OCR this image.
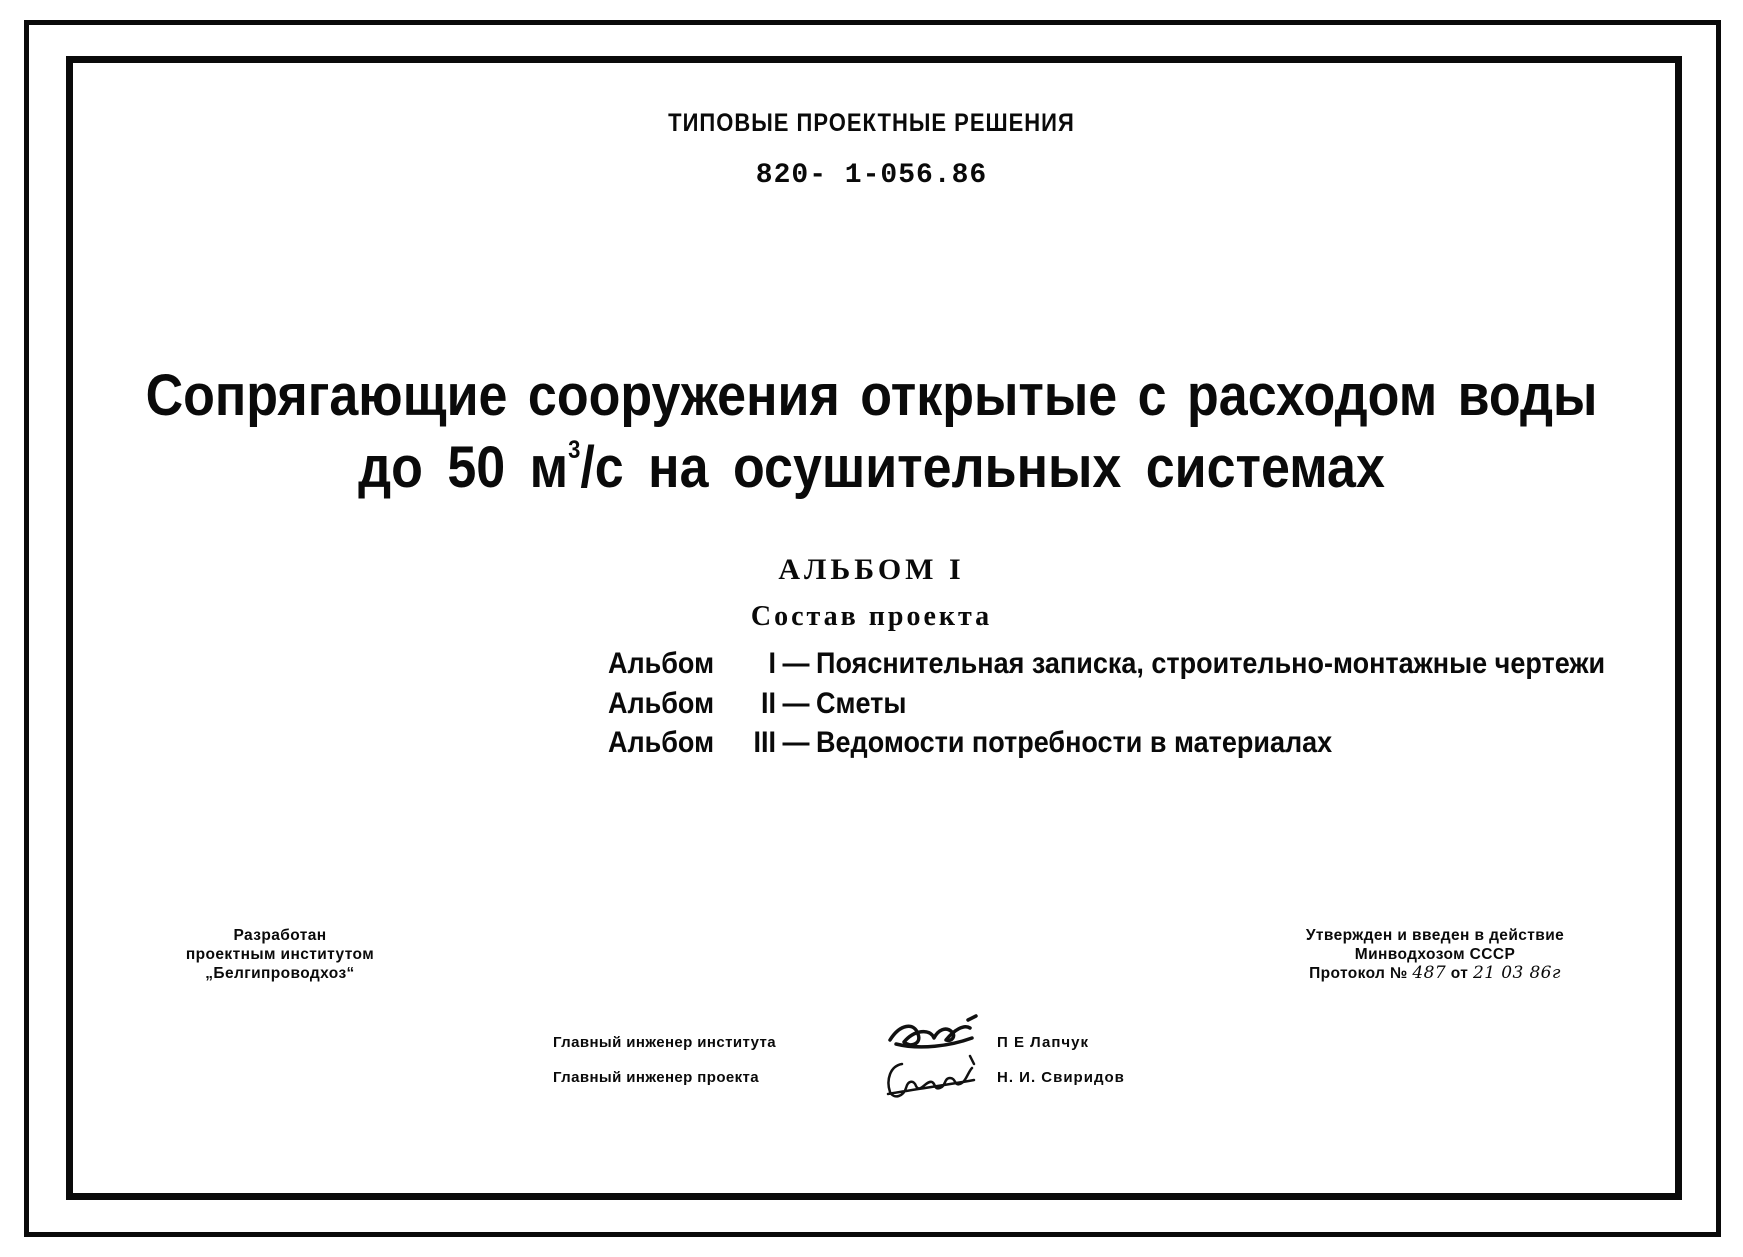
ТИПОВЫЕ ПРОЕКТНЫЕ РЕШЕНИЯ
820- 1-056.86
Сопрягающие сооружения открытые с расходом воды
до 50 $м^3/с$ на осушительных системах
АЛЬБОМ I
Состав проекта
Альбом I — Пояснительная записка, строительно-монтажные чертежи
Альбом II — Сметы
Альбом III — Ведомости потребности в материалах
Разработан
проектным институтом
„Белгипроводхоз“
Утвержден и введен в действие
Минводхозом СССР
Протокол № 487 от 21 03 86г
Главный инженер института	П Е Лапчук
Главный инженер проекта	Н. И. Свиридов
